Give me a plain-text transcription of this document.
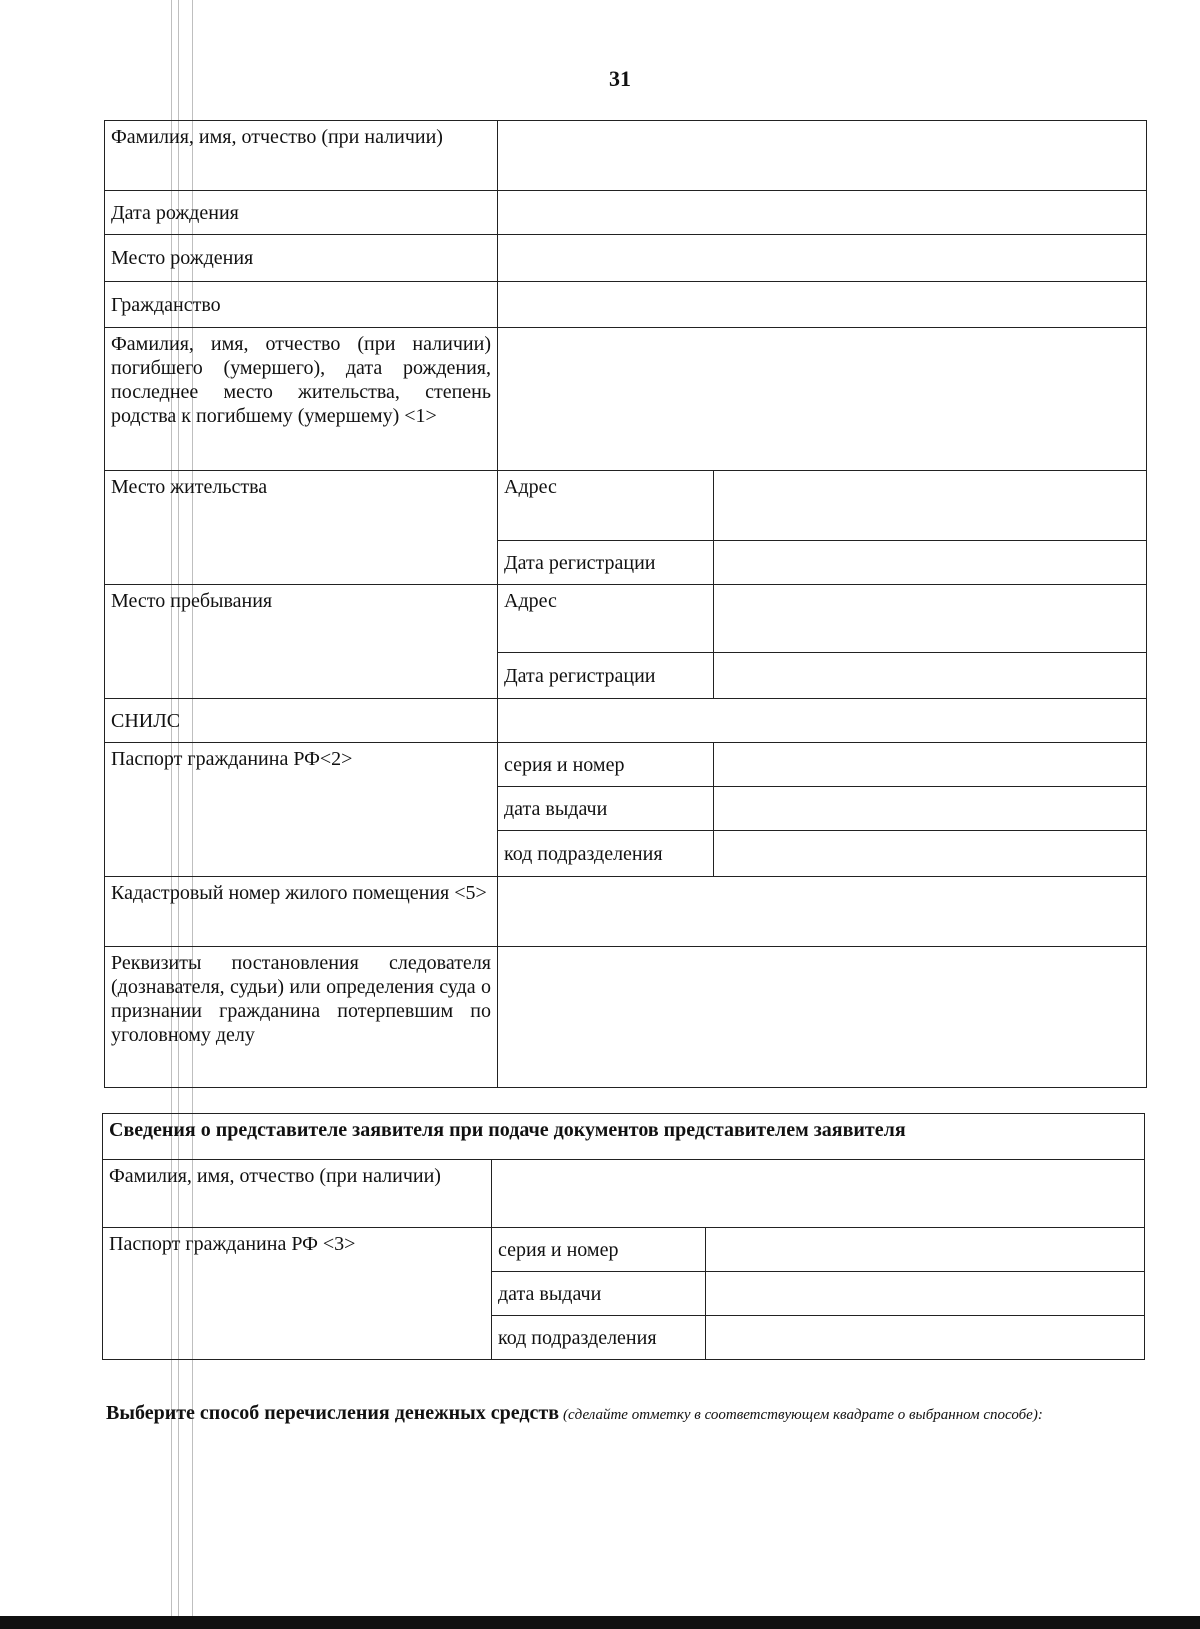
31
Фамилия, имя, отчество (при наличии)		
Дата рождения		
Место рождения		
Гражданство		
Фамилия, имя, отчество (при наличии) погибшего (умершего), дата рождения, последнее место жительства, степень родства к погибшему (умершему) <1>		
Место жительства	Адрес	
	Дата регистрации	
Место пребывания	Адрес	
	Дата регистрации	
СНИЛС		
Паспорт гражданина РФ<2>	серия и номер	
	дата выдачи	
	код подразделения	
Кадастровый номер жилого помещения <5>		
Реквизиты постановления следователя (дознавателя, судьи) или определения суда о признании гражданина потерпевшим по уголовному делу		
Сведения о представителе заявителя при подаче документов представителем заявителя		
Фамилия, имя, отчество (при наличии)		
Паспорт гражданина РФ <3>	серия и номер	
	дата выдачи	
	код подразделения	
Выберите способ перечисления денежных средств (сделайте отметку в соответствующем квадрате о выбранном способе):
